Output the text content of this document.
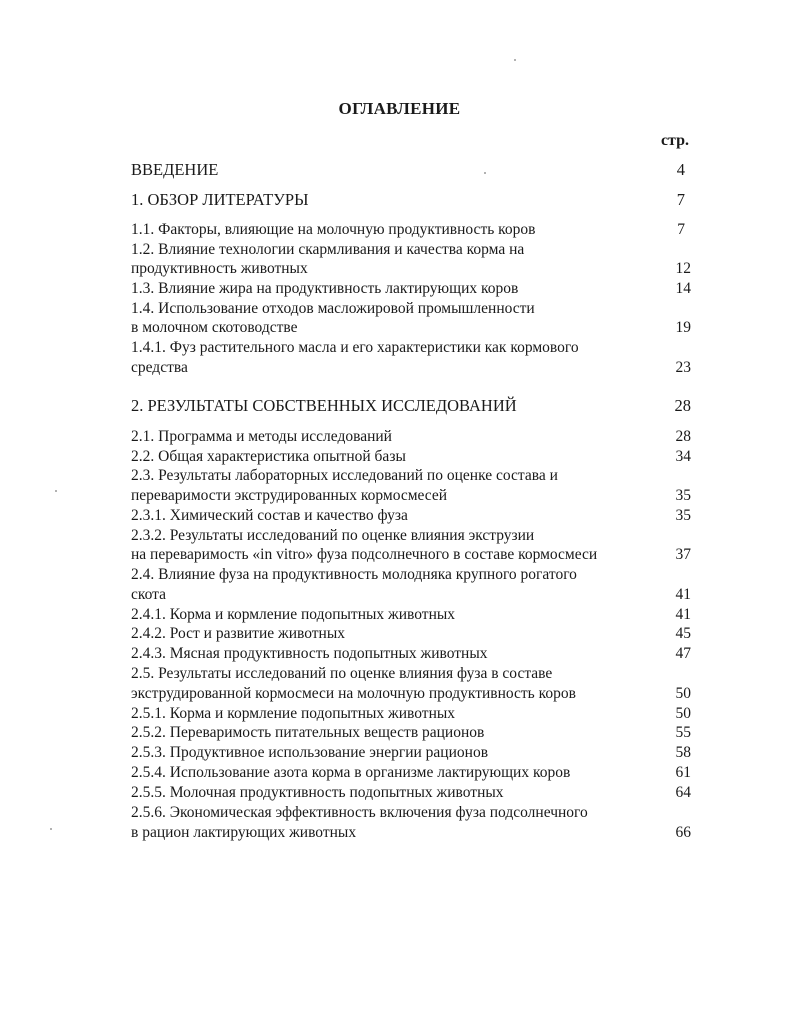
ОГЛАВЛЕНИЕ
стр.
ВВЕДЕНИЕ	4
1. ОБЗОР ЛИТЕРАТУРЫ	7
1.1. Факторы, влияющие на молочную продуктивность коров	7
1.2. Влияние технологии скармливания и качества корма на
продуктивность животных	12
1.3. Влияние жира на продуктивность лактирующих коров	14
1.4. Использование отходов масложировой промышленности
в молочном скотоводстве	19
1.4.1. Фуз растительного масла и его характеристики как кормового
средства	23
2. РЕЗУЛЬТАТЫ СОБСТВЕННЫХ ИССЛЕДОВАНИЙ	28
2.1. Программа и методы исследований	28
2.2. Общая характеристика опытной базы	34
2.3. Результаты лабораторных исследований по оценке состава и
переваримости экструдированных кормосмесей	35
2.3.1. Химический состав и качество фуза	35
2.3.2. Результаты исследований по оценке влияния экструзии
на переваримость «in vitro» фуза подсолнечного в составе кормосмеси	37
2.4. Влияние фуза на продуктивность молодняка крупного рогатого
скота	41
2.4.1. Корма и кормление подопытных животных	41
2.4.2. Рост и развитие животных	45
2.4.3. Мясная продуктивность подопытных животных	47
2.5. Результаты исследований по оценке влияния фуза в составе
экструдированной кормосмеси на молочную продуктивность коров	50
2.5.1. Корма и кормление подопытных животных	50
2.5.2. Переваримость питательных веществ рационов	55
2.5.3. Продуктивное использование энергии рационов	58
2.5.4. Использование азота корма в организме лактирующих коров	61
2.5.5. Молочная продуктивность подопытных животных	64
2.5.6. Экономическая эффективность включения фуза подсолнечного
в рацион лактирующих животных	66
